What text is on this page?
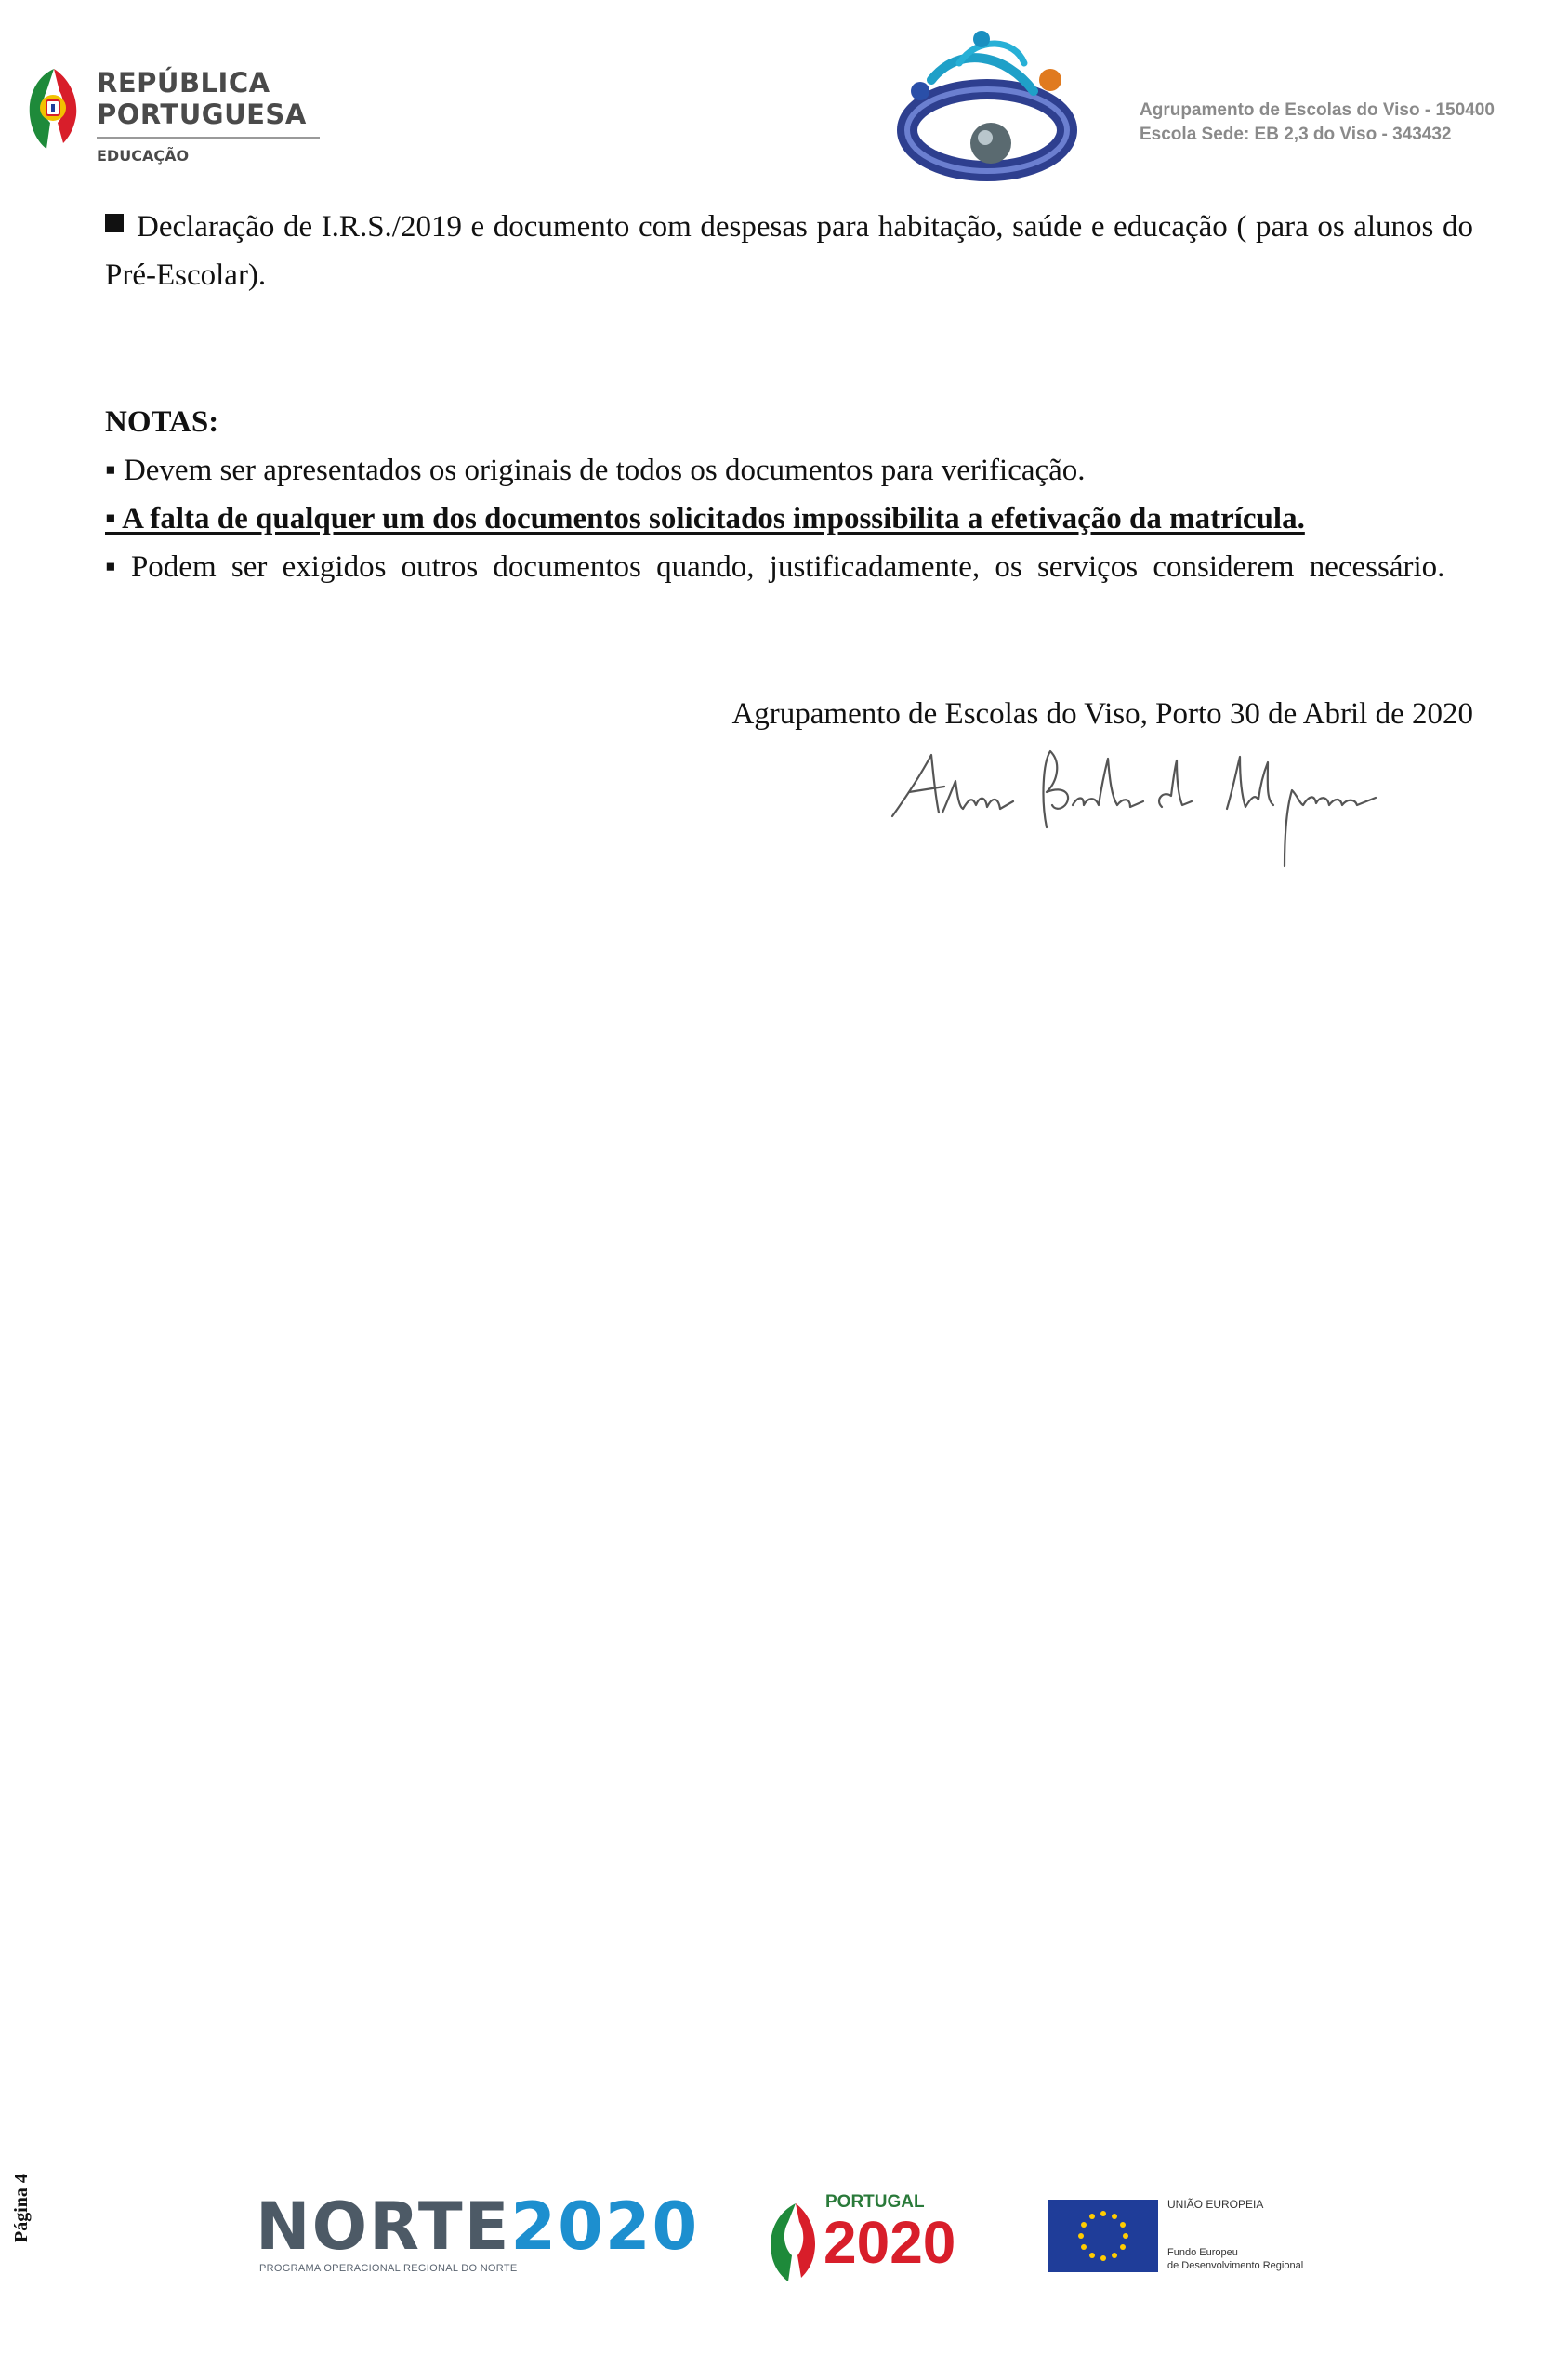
REPÚBLICA
PORTUGUESA
EDUCAÇÃO
Agrupamento de Escolas do Viso - 150400
Escola Sede: EB 2,3 do Viso - 343432
Declaração de I.R.S./2019 e documento com despesas para habitação, saúde e educação ( para os alunos do Pré-Escolar).
NOTAS:
▪ Devem ser apresentados os originais de todos os documentos para verificação.
▪ A falta de qualquer um dos documentos solicitados impossibilita a efetivação da matrícula.
▪ Podem ser exigidos outros documentos quando, justificadamente, os serviços considerem necessário.
Agrupamento de Escolas do Viso, Porto 30 de Abril de 2020
Página 4	NORTE2020
PROGRAMA OPERACIONAL REGIONAL DO NORTE
PORTUGAL
2020
UNIÃO EUROPEIA
Fundo Europeu
de Desenvolvimento Regional
